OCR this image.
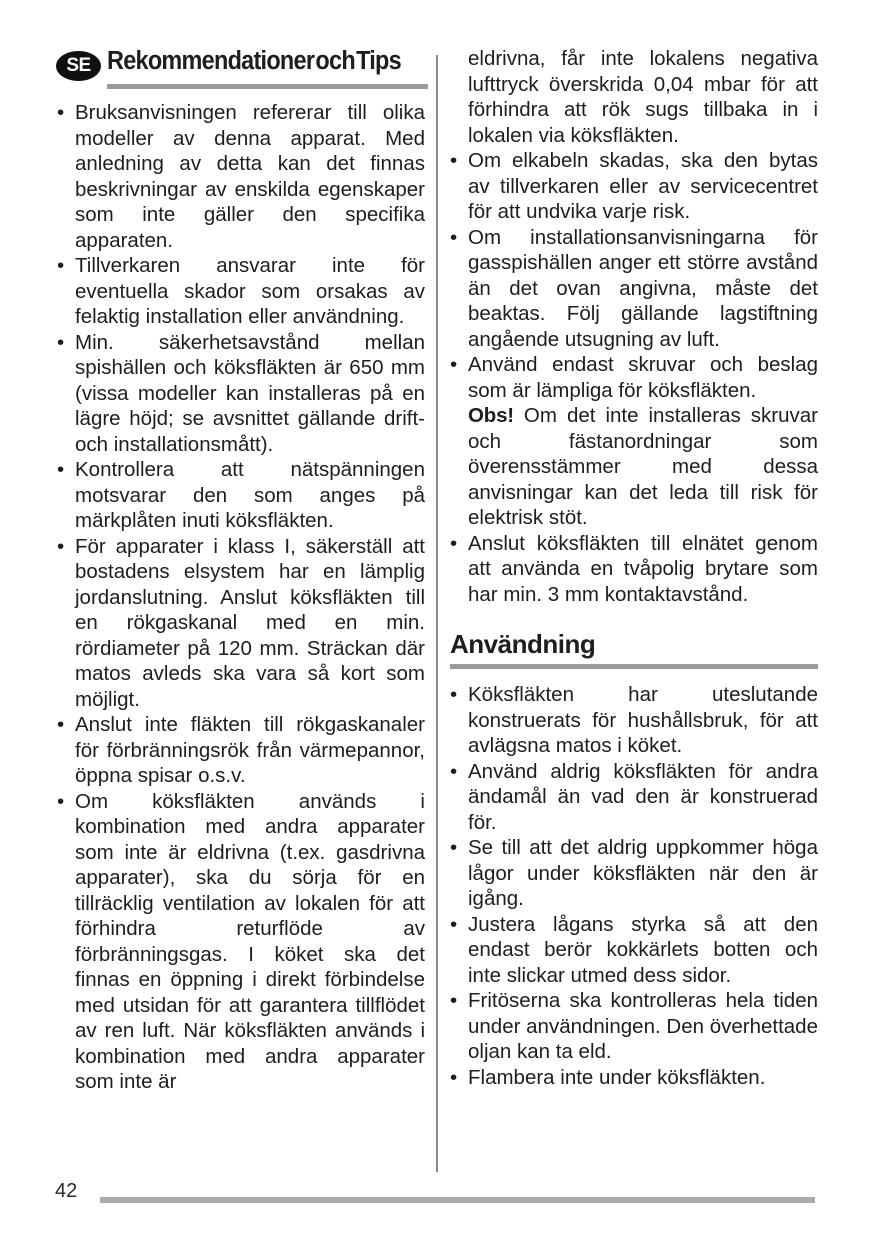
SE Rekommendationer och Tips
• Bruksanvisningen refererar till olika modeller av denna apparat. Med anledning av detta kan det finnas beskrivningar av enskilda egenskaper som inte gäller den specifika apparaten.
• Tillverkaren ansvarar inte för eventuella skador som orsakas av felaktig installation eller användning.
• Min. säkerhetsavstånd mellan spishällen och köksfläkten är 650 mm (vissa modeller kan installeras på en lägre höjd; se avsnittet gällande drift- och installationsmått).
• Kontrollera att nätspänningen motsvarar den som anges på märkplåten inuti köksfläkten.
• För apparater i klass I, säkerställ att bostadens elsystem har en lämplig jordanslutning. Anslut köksfläkten till en rökgaskanal med en min. rördiameter på 120 mm. Sträckan där matos avleds ska vara så kort som möjligt.
• Anslut inte fläkten till rökgaskanaler för förbränningsrök från värmepannor, öppna spisar o.s.v.
• Om köksfläkten används i kombination med andra apparater som inte är eldrivna (t.ex. gasdrivna apparater), ska du sörja för en tillräcklig ventilation av lokalen för att förhindra returflöde av förbränningsgas. I köket ska det finnas en öppning i direkt förbindelse med utsidan för att garantera tillflödet av ren luft. När köksfläkten används i kombination med andra apparater som inte är
eldrivna, får inte lokalens negativa lufttryck överskrida 0,04 mbar för att förhindra att rök sugs tillbaka in i lokalen via köksfläkten.
• Om elkabeln skadas, ska den bytas av tillverkaren eller av servicecentret för att undvika varje risk.
• Om installationsanvisningarna för gasspishällen anger ett större avstånd än det ovan angivna, måste det beaktas. Följ gällande lagstiftning angående utsugning av luft.
• Använd endast skruvar och beslag som är lämpliga för köksfläkten.
Obs! Om det inte installeras skruvar och fästanordningar som överensstämmer med dessa anvisningar kan det leda till risk för elektrisk stöt.
• Anslut köksfläkten till elnätet genom att använda en tvåpolig brytare som har min. 3 mm kontaktavstånd.
Användning
• Köksfläkten har uteslutande konstruerats för hushållsbruk, för att avlägsna matos i köket.
• Använd aldrig köksfläkten för andra ändamål än vad den är konstruerad för.
• Se till att det aldrig uppkommer höga lågor under köksfläkten när den är igång.
• Justera lågans styrka så att den endast berör kokkärlets botten och inte slickar utmed dess sidor.
• Fritöserna ska kontrolleras hela tiden under användningen. Den överhettade oljan kan ta eld.
• Flambera inte under köksfläkten.
42
